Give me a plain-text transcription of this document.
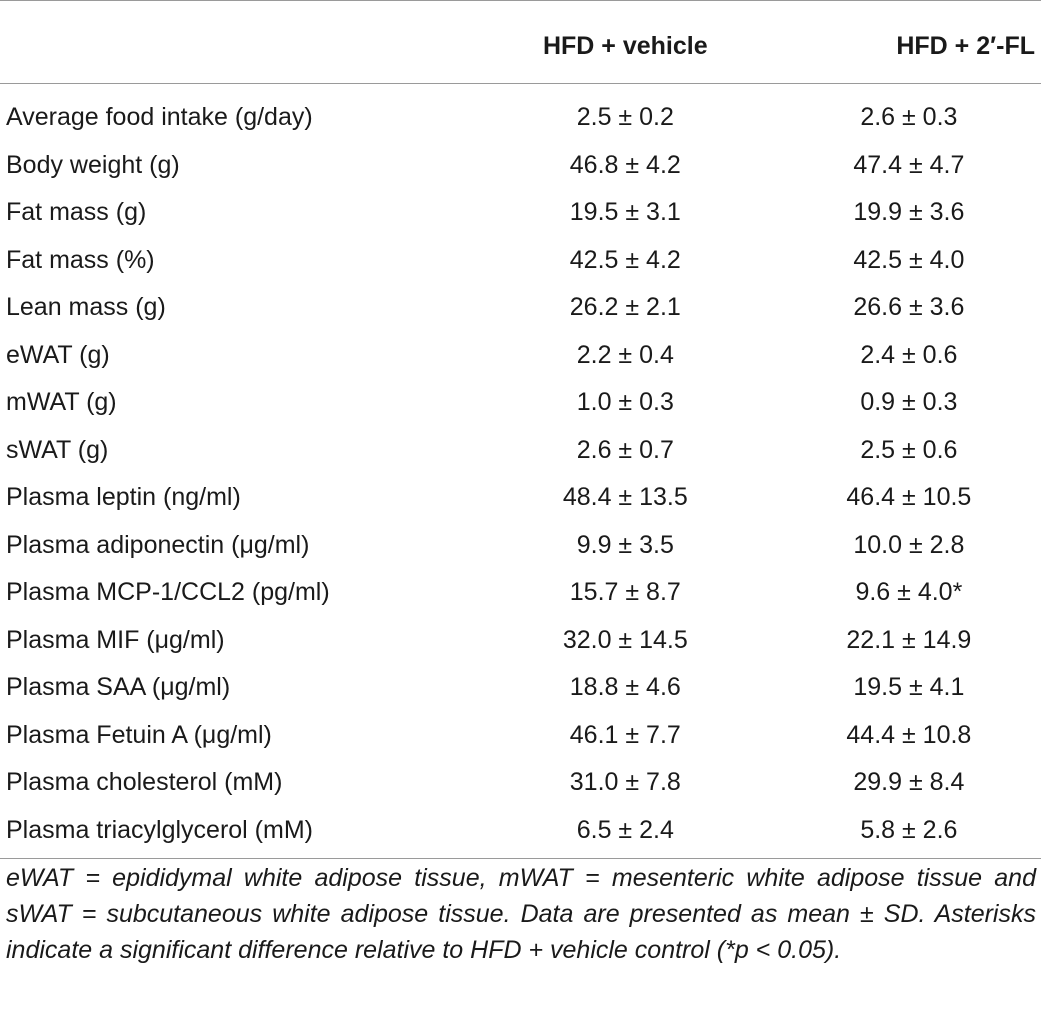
	HFD + vehicle	HFD + 2′-FL
Average food intake (g/day)	2.5 ± 0.2	2.6 ± 0.3
Body weight (g)	46.8 ± 4.2	47.4 ± 4.7
Fat mass (g)	19.5 ± 3.1	19.9 ± 3.6
Fat mass (%)	42.5 ± 4.2	42.5 ± 4.0
Lean mass (g)	26.2 ± 2.1	26.6 ± 3.6
eWAT (g)	2.2 ± 0.4	2.4 ± 0.6
mWAT (g)	1.0 ± 0.3	0.9 ± 0.3
sWAT (g)	2.6 ± 0.7	2.5 ± 0.6
Plasma leptin (ng/ml)	48.4 ± 13.5	46.4 ± 10.5
Plasma adiponectin (μg/ml)	9.9 ± 3.5	10.0 ± 2.8
Plasma MCP-1/CCL2 (pg/ml)	15.7 ± 8.7	9.6 ± 4.0*
Plasma MIF (μg/ml)	32.0 ± 14.5	22.1 ± 14.9
Plasma SAA (μg/ml)	18.8 ± 4.6	19.5 ± 4.1
Plasma Fetuin A (μg/ml)	46.1 ± 7.7	44.4 ± 10.8
Plasma cholesterol (mM)	31.0 ± 7.8	29.9 ± 8.4
Plasma triacylglycerol (mM)	6.5 ± 2.4	5.8 ± 2.6
eWAT = epididymal white adipose tissue, mWAT = mesenteric white adipose tissue and sWAT = subcutaneous white adipose tissue. Data are presented as mean ± SD. Asterisks indicate a significant difference relative to HFD + vehicle control (*p < 0.05).
